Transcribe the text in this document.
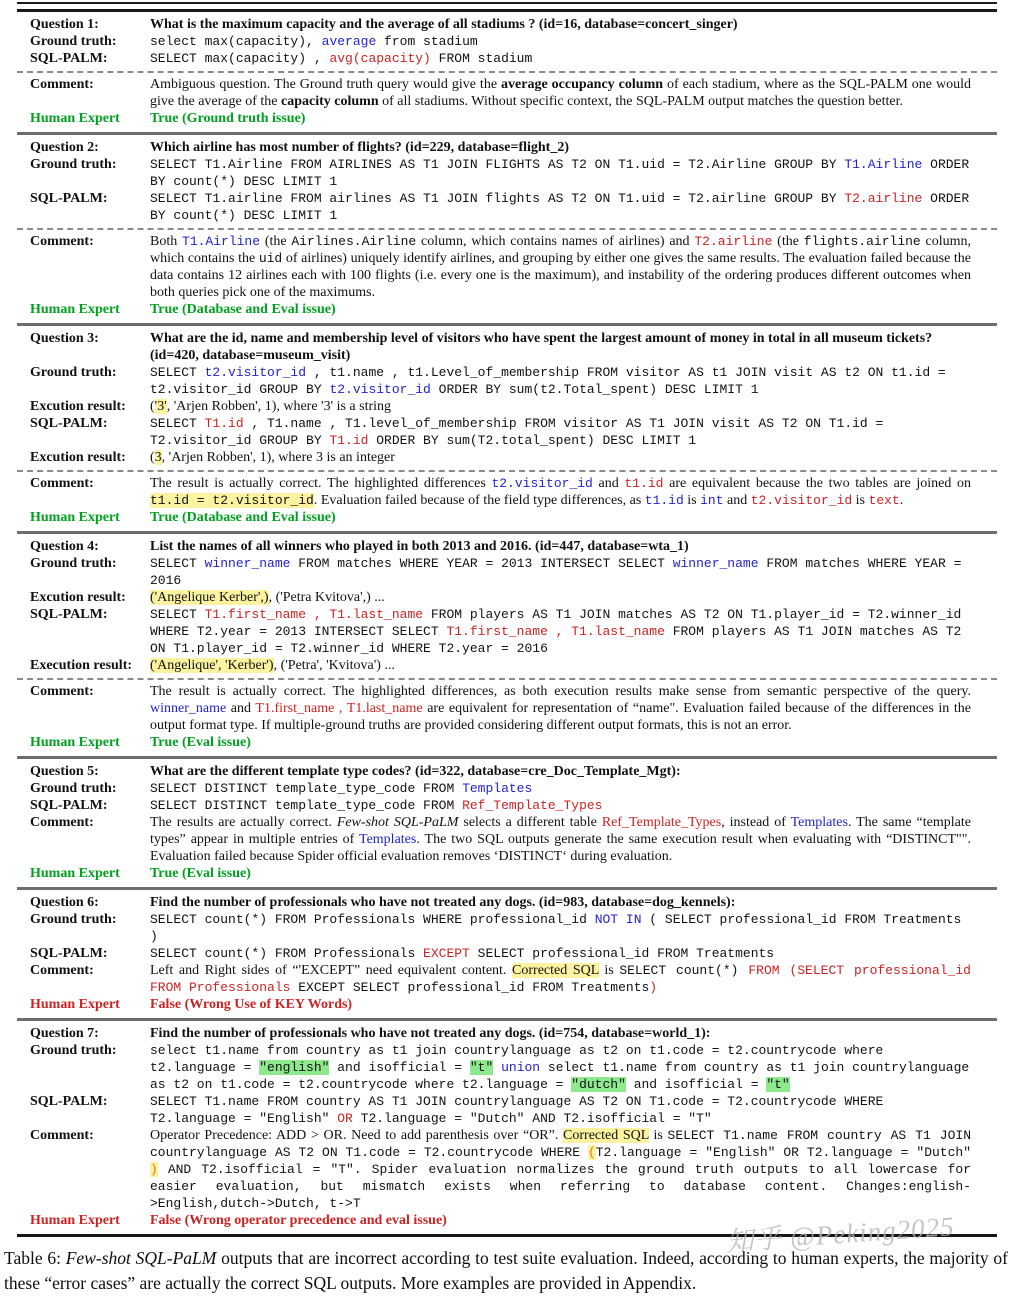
Question 1:	What is the maximum capacity and the average of all stadiums ? (id=16, database=concert_singer)
Ground truth:	select max(capacity), average from stadium
SQL-PALM:	SELECT max(capacity) , avg(capacity) FROM stadium
Comment:	Ambiguous question. The Ground truth query would give the average occupancy column of each stadium, where as the SQL-PALM one would give the average of the capacity column of all stadiums. Without specific context, the SQL-PALM output matches the question better.
Human Expert	True (Ground truth issue)
Question 2:	Which airline has most number of flights? (id=229, database=flight_2)
Ground truth:	SELECT T1.Airline FROM AIRLINES AS T1 JOIN FLIGHTS AS T2 ON T1.uid = T2.Airline GROUP BY T1.Airline ORDER BY count(*) DESC LIMIT 1
SQL-PALM:	SELECT T1.airline FROM airlines AS T1 JOIN flights AS T2 ON T1.uid = T2.airline GROUP BY T2.airline ORDER BY count(*) DESC LIMIT 1
Comment:	Both T1.Airline (the Airlines.Airline column, which contains names of airlines) and T2.airline (the flights.airline column, which contains the uid of airlines) uniquely identify airlines, and grouping by either one gives the same results. The evaluation failed because the data contains 12 airlines each with 100 flights (i.e. every one is the maximum), and instability of the ordering produces different outcomes when both queries pick one of the maximums.
Human Expert	True (Database and Eval issue)
Question 3:	What are the id, name and membership level of visitors who have spent the largest amount of money in total in all museum tickets? (id=420, database=museum_visit)
Ground truth:	SELECT t2.visitor_id , t1.name , t1.Level_of_membership FROM visitor AS t1 JOIN visit AS t2 ON t1.id = t2.visitor_id GROUP BY t2.visitor_id ORDER BY sum(t2.Total_spent) DESC LIMIT 1
Excution result:	('3', 'Arjen Robben', 1), where '3' is a string
SQL-PALM:	SELECT T1.id , T1.name , T1.level_of_membership FROM visitor AS T1 JOIN visit AS T2 ON T1.id = T2.visitor_id GROUP BY T1.id ORDER BY sum(T2.total_spent) DESC LIMIT 1
Excution result:	(3, 'Arjen Robben', 1), where 3 is an integer
Comment:	The result is actually correct. The highlighted differences t2.visitor_id and t1.id are equivalent because the two tables are joined on t1.id = t2.visitor_id. Evaluation failed because of the field type differences, as t1.id is int and t2.visitor_id is text.
Human Expert	True (Database and Eval issue)
Question 4:	List the names of all winners who played in both 2013 and 2016. (id=447, database=wta_1)
Ground truth:	SELECT winner_name FROM matches WHERE YEAR = 2013 INTERSECT SELECT winner_name FROM matches WHERE YEAR = 2016
Excution result:	('Angelique Kerber',), ('Petra Kvitova',) ...
SQL-PALM:	SELECT T1.first_name , T1.last_name FROM players AS T1 JOIN matches AS T2 ON T1.player_id = T2.winner_id WHERE T2.year = 2013 INTERSECT SELECT T1.first_name , T1.last_name FROM players AS T1 JOIN matches AS T2 ON T1.player_id = T2.winner_id WHERE T2.year = 2016
Execution result:	('Angelique', 'Kerber'), ('Petra', 'Kvitova') ...
Comment:	The result is actually correct. The highlighted differences, as both execution results make sense from semantic perspective of the query. winner_name and T1.first_name , T1.last_name are equivalent for representation of “name". Evaluation failed because of the differences in the output format type. If multiple-ground truths are provided considering different output formats, this is not an error.
Human Expert	True (Eval issue)
Question 5:	What are the different template type codes? (id=322, database=cre_Doc_Template_Mgt):
Ground truth:	SELECT DISTINCT template_type_code FROM Templates
SQL-PALM:	SELECT DISTINCT template_type_code FROM Ref_Template_Types
Comment:	The results are actually correct. Few-shot SQL-PaLM selects a different table Ref_Template_Types, instead of Templates. The same “template types” appear in multiple entries of Templates. The two SQL outputs generate the same execution result when evaluating with “DISTINCT"". Evaluation failed because Spider official evaluation removes ‘DISTINCT‘ during evaluation.
Human Expert	True (Eval issue)
Question 6:	Find the number of professionals who have not treated any dogs. (id=983, database=dog_kennels):
Ground truth:	SELECT count(*) FROM Professionals WHERE professional_id NOT IN ( SELECT professional_id FROM Treatments )
SQL-PALM:	SELECT count(*) FROM Professionals EXCEPT SELECT professional_id FROM Treatments
Comment:	Left and Right sides of “'EXCEPT” need equivalent content. Corrected SQL is SELECT count(*) FROM (SELECT professional_id FROM Professionals EXCEPT SELECT professional_id FROM Treatments)
Human Expert	False (Wrong Use of KEY Words)
Question 7:	Find the number of professionals who have not treated any dogs. (id=754, database=world_1):
Ground truth:	select t1.name from country as t1 join countrylanguage as t2 on t1.code = t2.countrycode where t2.language = "english" and isofficial = "t" union select t1.name from country as t1 join countrylanguage as t2 on t1.code = t2.countrycode where t2.language = "dutch" and isofficial = "t"
SQL-PALM:	SELECT T1.name FROM country AS T1 JOIN countrylanguage AS T2 ON T1.code = T2.countrycode WHERE T2.language = "English" OR T2.language = "Dutch" AND T2.isofficial = "T"
Comment:	Operator Precedence: ADD > OR. Need to add parenthesis over “OR”. Corrected SQL is SELECT T1.name FROM country AS T1 JOIN countrylanguage AS T2 ON T1.code = T2.countrycode WHERE (T2.language = "English" OR T2.language = "Dutch" ) AND T2.isofficial = "T". Spider evaluation normalizes the ground truth outputs to all lowercase for easier evaluation, but mismatch exists when referring to database content. Changes:english->English,dutch->Dutch, t->T
Human Expert	False (Wrong operator precedence and eval issue)
Table 6: Few-shot SQL-PaLM outputs that are incorrect according to test suite evaluation. Indeed, according to human experts, the majority of these “error cases” are actually the correct SQL outputs. More examples are provided in Appendix.
知乎 @Peking2025
